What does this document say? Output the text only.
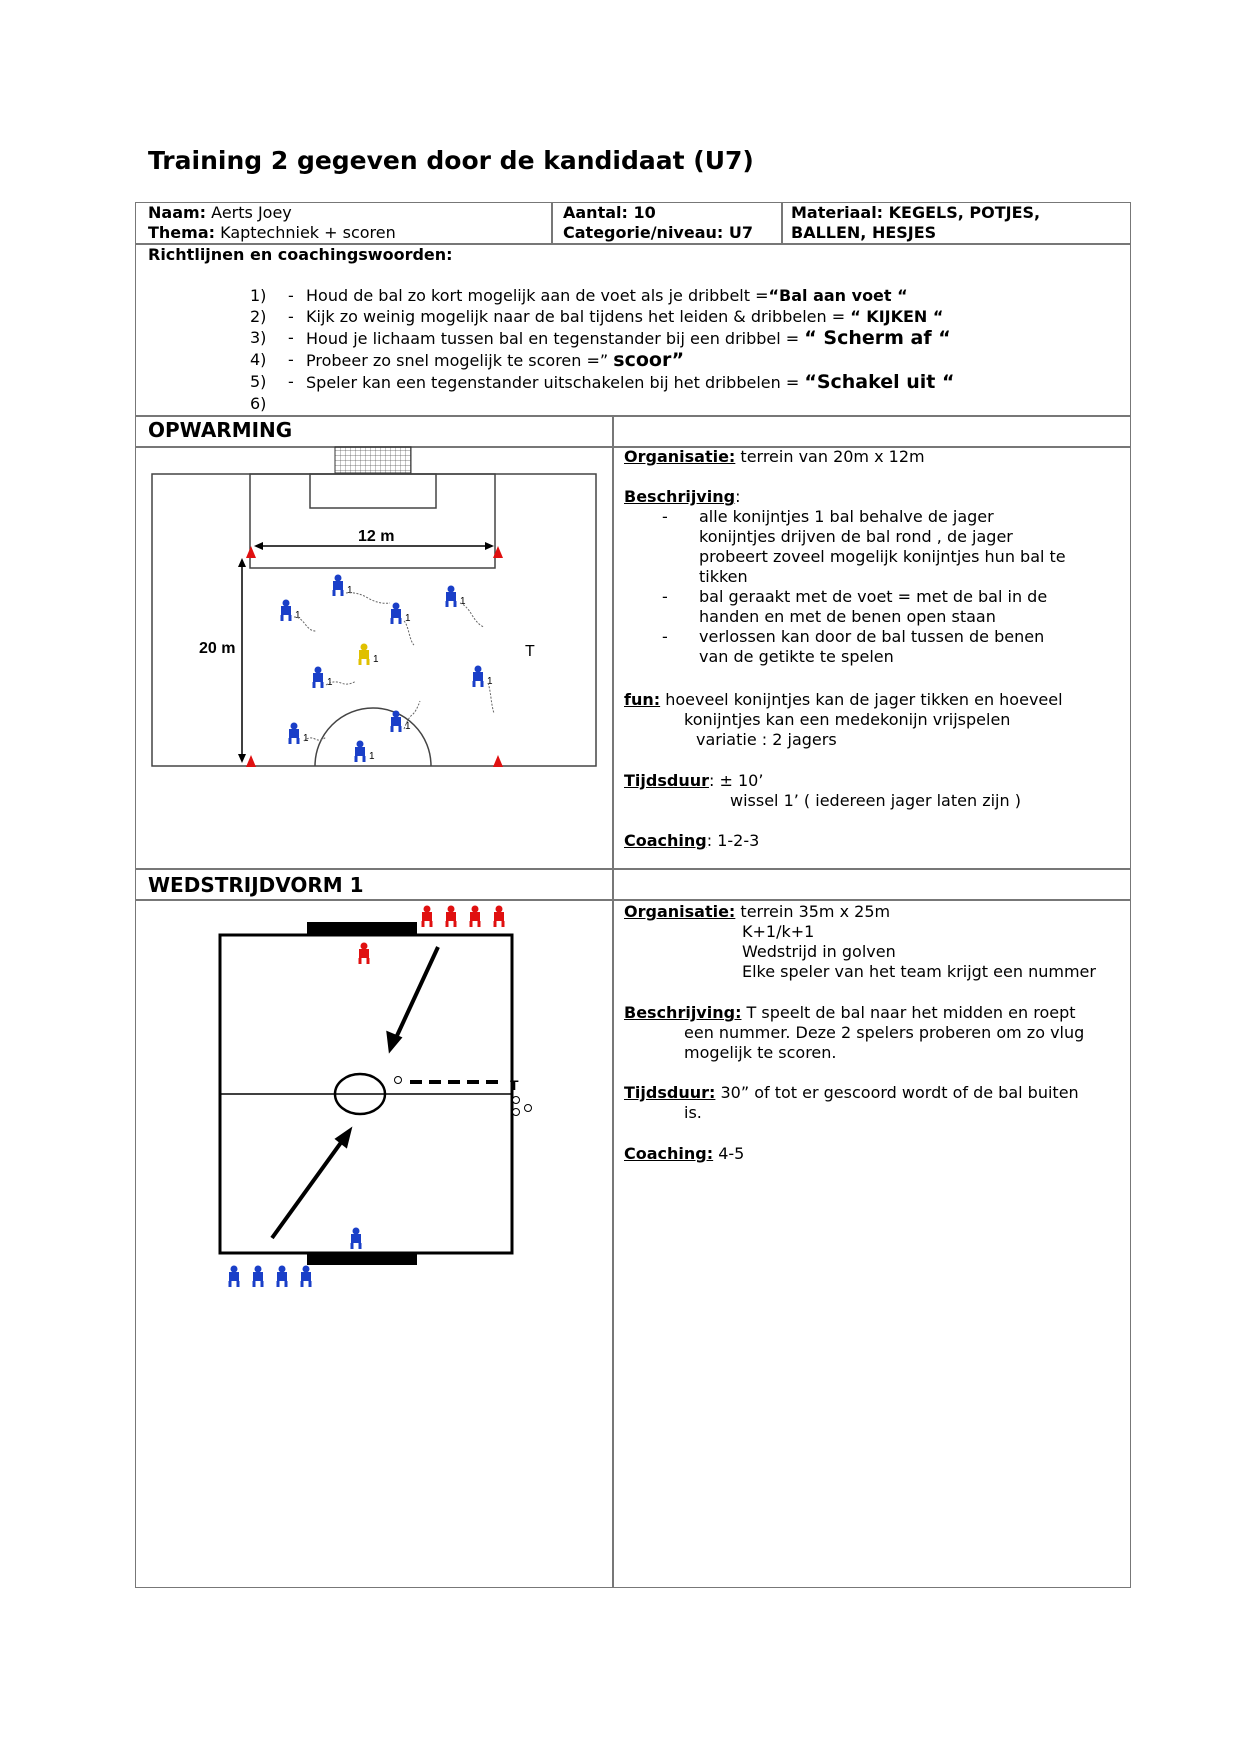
Training 2 gegeven door de kandidaat (U7)
Naam: Aerts Joey
Thema: Kaptechniek + scoren
Aantal: 10
Categorie/niveau: U7
Materiaal: KEGELS, POTJES,
BALLEN, HESJES
Richtlijnen en coachingswoorden:
1) - Houd de bal zo kort mogelijk aan de voet als je dribbelt =“Bal aan voet “
2) - Kijk zo weinig mogelijk naar de bal tijdens het leiden & dribbelen = “ KIJKEN “
3) - Houd je lichaam tussen bal en tegenstander bij een dribbel = “ Scherm af “
4) - Probeer zo snel mogelijk te scoren =” scoor”
5) - Speler kan een tegenstander uitschakelen bij het dribbelen = “Schakel uit “
6)
OPWARMING
12 m
20 m	T
1
1	1
1
1
1
1
1
1
1
Organisatie: terrein van 20m x 12m
Beschrijving:
- alle konijntjes 1 bal behalve de jager
konijntjes drijven de bal rond , de jager
probeert zoveel mogelijk konijntjes hun bal te
tikken
- bal geraakt met de voet = met de bal in de
handen en met de benen open staan
- verlossen kan door de bal tussen de benen
van de getikte te spelen
fun: hoeveel konijntjes kan de jager tikken en hoeveel
konijntjes kan een medekonijn vrijspelen
variatie : 2 jagers
Tijdsduur: ± 10’
wissel 1’ ( iedereen jager laten zijn )
Coaching: 1-2-3
WEDSTRIJDVORM 1
T
Organisatie: terrein 35m x 25m
K+1/k+1
Wedstrijd in golven
Elke speler van het team krijgt een nummer
Beschrijving: T speelt de bal naar het midden en roept
een nummer. Deze 2 spelers proberen om zo vlug
mogelijk te scoren.
Tijdsduur: 30” of tot er gescoord wordt of de bal buiten
is.
Coaching: 4-5
